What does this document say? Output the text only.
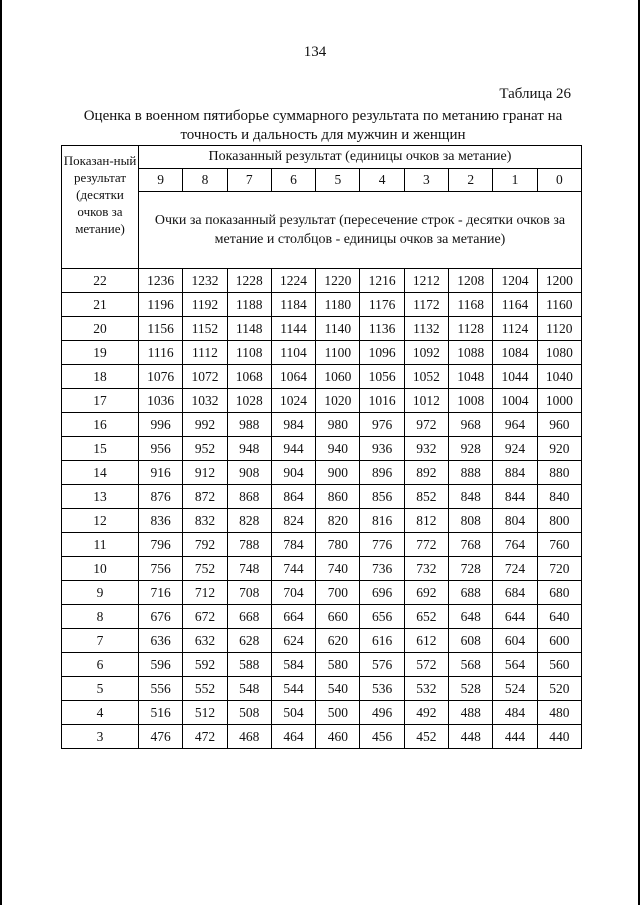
134
Таблица 26
Оценка в военном пятиборье суммарного результата по метанию гранат на точность и дальность для мужчин и женщин
Показан-ный результат (десятки очков за метание)	Показанный результат (единицы очков за метание)									
	9	8	7	6	5	4	3	2	1	0
	Очки за показанный результат (пересечение строк - десятки очков за метание и столбцов - единицы очков за метание)									
22	1236	1232	1228	1224	1220	1216	1212	1208	1204	1200
21	1196	1192	1188	1184	1180	1176	1172	1168	1164	1160
20	1156	1152	1148	1144	1140	1136	1132	1128	1124	1120
19	1116	1112	1108	1104	1100	1096	1092	1088	1084	1080
18	1076	1072	1068	1064	1060	1056	1052	1048	1044	1040
17	1036	1032	1028	1024	1020	1016	1012	1008	1004	1000
16	996	992	988	984	980	976	972	968	964	960
15	956	952	948	944	940	936	932	928	924	920
14	916	912	908	904	900	896	892	888	884	880
13	876	872	868	864	860	856	852	848	844	840
12	836	832	828	824	820	816	812	808	804	800
11	796	792	788	784	780	776	772	768	764	760
10	756	752	748	744	740	736	732	728	724	720
9	716	712	708	704	700	696	692	688	684	680
8	676	672	668	664	660	656	652	648	644	640
7	636	632	628	624	620	616	612	608	604	600
6	596	592	588	584	580	576	572	568	564	560
5	556	552	548	544	540	536	532	528	524	520
4	516	512	508	504	500	496	492	488	484	480
3	476	472	468	464	460	456	452	448	444	440
